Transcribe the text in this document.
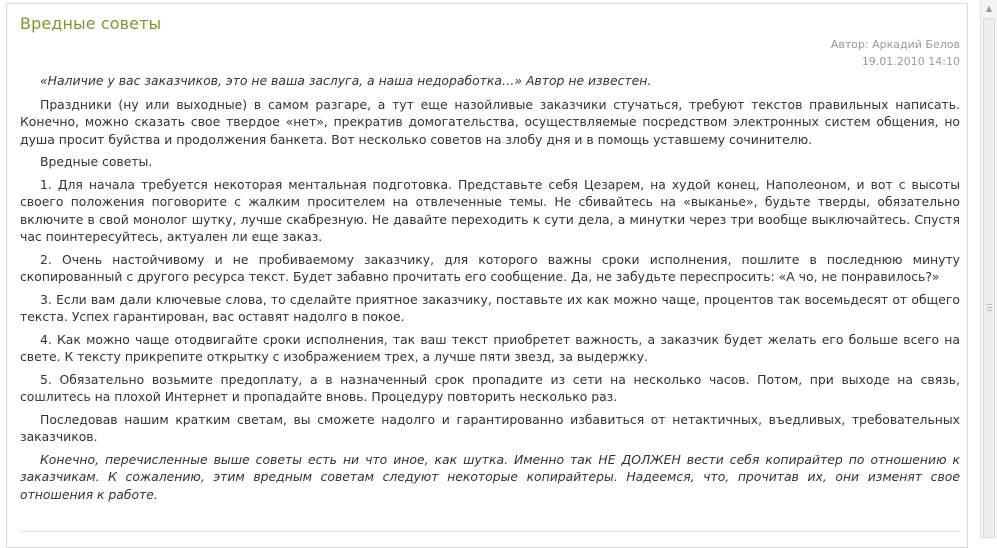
Вредные советы
Автор: Аркадий Белов
19.01.2010 14:10

«Наличие у вас заказчиков, это не ваша заслуга, а наша недоработка…» Автор не известен.

Праздники (ну или выходные) в самом разгаре, а тут еще назойливые заказчики стучаться, требуют текстов правильных написать. Конечно, можно сказать свое твердое «нет», прекратив домогательства, осуществляемые посредством электронных систем общения, но душа просит буйства и продолжения банкета. Вот несколько советов на злобу дня и в помощь уставшему сочинителю.

Вредные советы.

1. Для начала требуется некоторая ментальная подготовка. Представьте себя Цезарем, на худой конец, Наполеоном, и вот с высоты своего положения поговорите с жалким просителем на отвлеченные темы. Не сбивайтесь на «выканье», будьте тверды, обязательно включите в свой монолог шутку, лучше скабрезную. Не давайте переходить к сути дела, а минутки через три вообще выключайтесь. Спустя час поинтересуйтесь, актуален ли еще заказ.

2. Очень настойчивому и не пробиваемому заказчику, для которого важны сроки исполнения, пошлите в последнюю минуту скопированный с другого ресурса текст. Будет забавно прочитать его сообщение. Да, не забудьте переспросить: «А чо, не понравилось?»

3. Если вам дали ключевые слова, то сделайте приятное заказчику, поставьте их как можно чаще, процентов так восемьдесят от общего текста. Успех гарантирован, вас оставят надолго в покое.

4. Как можно чаще отодвигайте сроки исполнения, так ваш текст приобретет важность, а заказчик будет желать его больше всего на свете. К тексту прикрепите открытку с изображением трех, а лучше пяти звезд, за выдержку.

5. Обязательно возьмите предоплату, а в назначенный срок пропадите из сети на несколько часов. Потом, при выходе на связь, сошлитесь на плохой Интернет и пропадайте вновь. Процедуру повторить несколько раз.

Последовав нашим кратким светам, вы сможете надолго и гарантированно избавиться от нетактичных, въедливых, требовательных заказчиков.

Конечно, перечисленные выше советы есть ни что иное, как шутка. Именно так НЕ ДОЛЖЕН вести себя копирайтер по отношению к заказчикам. К сожалению, этим вредным советам следуют некоторые копирайтеры. Надеемся, что, прочитав их, они изменят свое отношения к работе.

▲
